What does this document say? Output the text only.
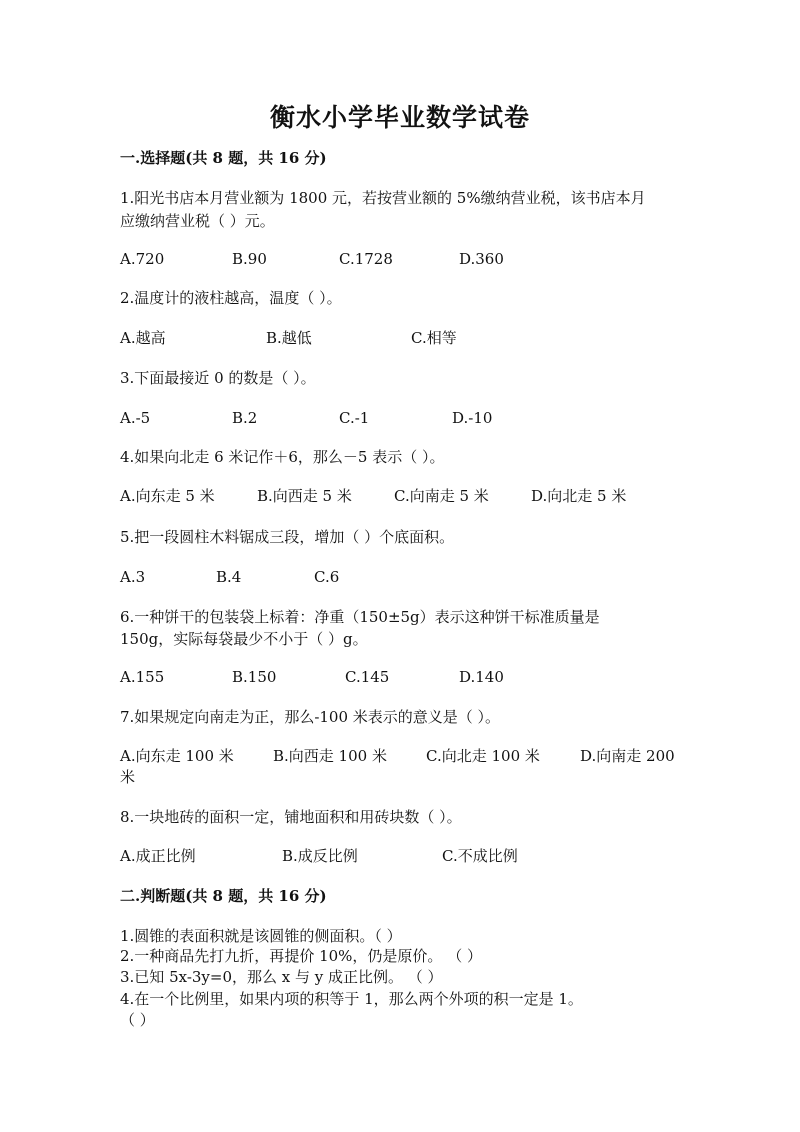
衡水小学毕业数学试卷
一.选择题(共 8 题，共 16 分)
1.阳光书店本月营业额为 1800 元，若按营业额的 5%缴纳营业税，该书店本月
应缴纳营业税（ ）元。
A.720	B.90	C.1728	D.360
2.温度计的液柱越高，温度（ ）。
A.越高	B.越低	C.相等
3.下面最接近 0 的数是（ ）。
A.-5	B.2	C.-1	D.-10
4.如果向北走 6 米记作＋6，那么－5 表示（ ）。
A.向东走 5 米	B.向西走 5 米	C.向南走 5 米	D.向北走 5 米
5.把一段圆柱木料锯成三段，增加（ ）个底面积。
A.3	B.4	C.6
6.一种饼干的包装袋上标着：净重（150±5g）表示这种饼干标准质量是
150g，实际每袋最少不小于（ ）g。
A.155	B.150	C.145	D.140
7.如果规定向南走为正，那么-100 米表示的意义是（ ）。
A.向东走 100 米	B.向西走 100 米	C.向北走 100 米	D.向南走 200
米
8.一块地砖的面积一定，铺地面积和用砖块数（ ）。
A.成正比例	B.成反比例	C.不成比例
二.判断题(共 8 题，共 16 分)
1.圆锥的表面积就是该圆锥的侧面积。（ ）
2.一种商品先打九折，再提价 10%，仍是原价。 （ ）
3.已知 5x-3y=0，那么 x 与 y 成正比例。 （ ）
4.在一个比例里，如果内项的积等于 1，那么两个外项的积一定是 1。
（ ）
